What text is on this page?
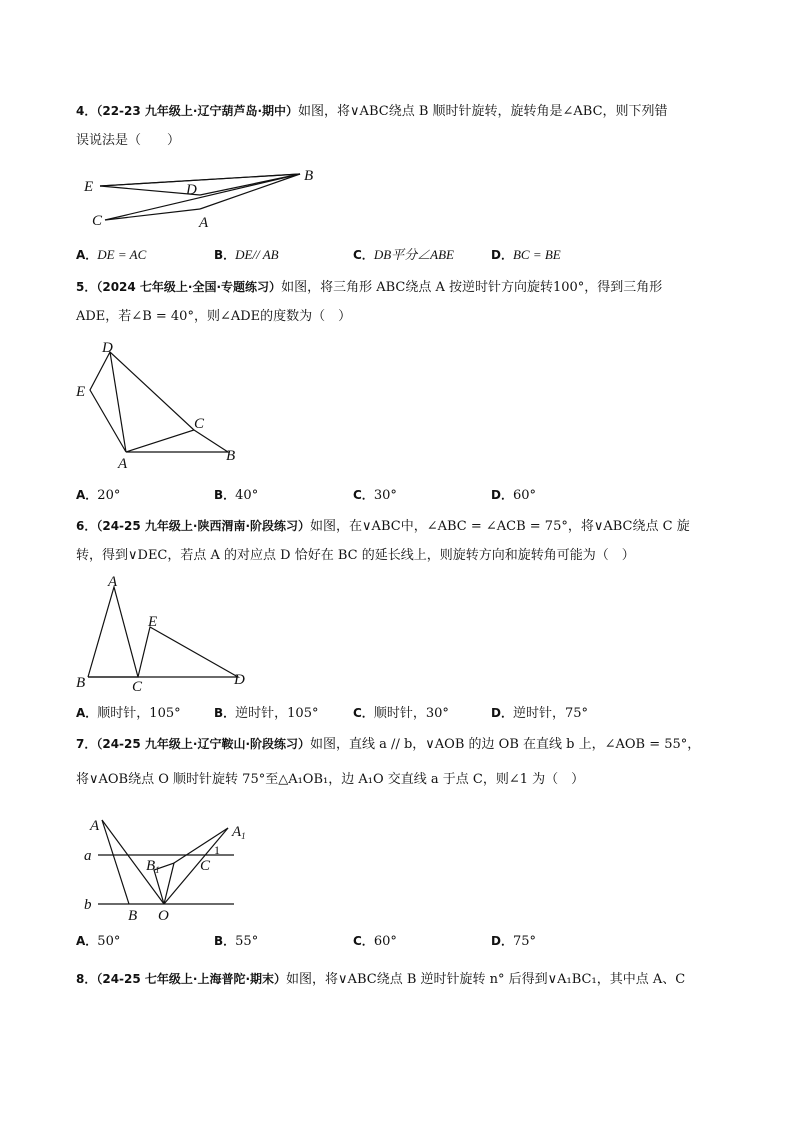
4．（22-23 九年级上·辽宁葫芦岛·期中）如图，将∨ABC绕点 B 顺时针旋转，旋转角是∠ABC，则下列错
误说法是（　　）
E	D
B
C	A
A．DE = AC	B．DE// AB	C．DB平分∠ABE	D．BC = BE
5．（2024 七年级上·全国·专题练习）如图，将三角形 ABC绕点 A 按逆时针方向旋转100°，得到三角形
ADE，若∠B = 40°，则∠ADE的度数为（　）
D
E
C
A	B
A．20°	B．40°	C．30°	D．60°
6．（24-25 九年级上·陕西渭南·阶段练习）如图，在∨ABC中，∠ABC = ∠ACB = 75°，将∨ABC绕点 C 旋
转，得到∨DEC，若点 A 的对应点 D 恰好在 BC 的延长线上，则旋转方向和旋转角可能为（　）
A
E
B	C	D
A．顺时针，105°	B．逆时针，105°	C．顺时针，30°	D．逆时针，75°
7．（24-25 九年级上·辽宁鞍山·阶段练习）如图，直线 a // b，∨AOB 的边 OB 在直线 b 上，∠AOB = 55°，
将∨AOB绕点 O 顺时针旋转 75°至△A₁OB₁，边 A₁O 交直线 a 于点 C，则∠1 为（　）
A	$A_1$
a
$B_1$
1
C
b
B O
A．50°	B．55°	C．60°	D．75°
8．（24-25 七年级上·上海普陀·期末）如图，将∨ABC绕点 B 逆时针旋转 n° 后得到∨A₁BC₁，其中点 A、C
